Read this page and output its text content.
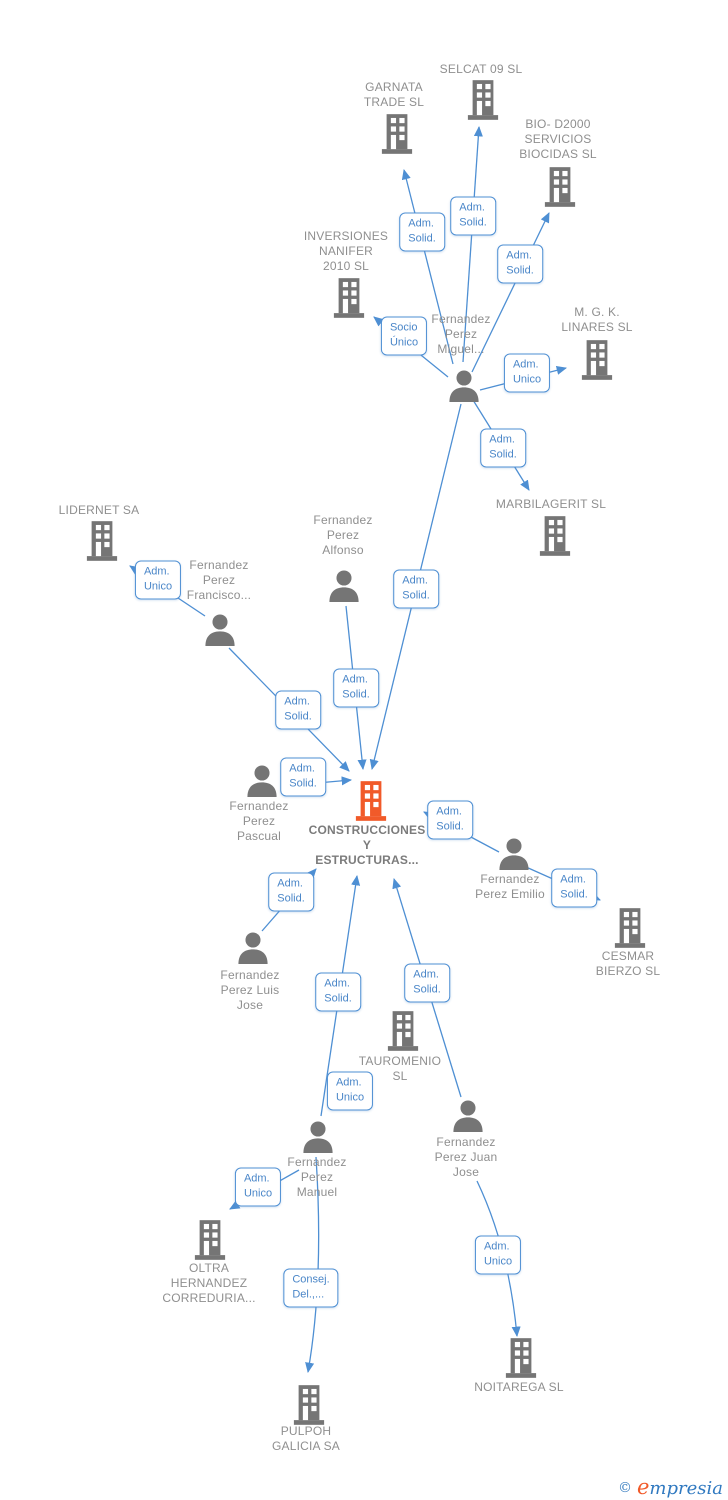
SELCAT 09 SL
GARNATA
TRADE SL
BIO- D2000
SERVICIOS
BIOCIDAS SL
INVERSIONES
NANIFER
2010 SL
M. G. K.
LINARES SL
MARBILAGERIT SL
LIDERNET SA
CONSTRUCCIONES
Y
ESTRUCTURAS...
CESMAR
BIERZO SL
TAUROMENIO
SL
OLTRA
HERNANDEZ
CORREDURIA...
PULPOH
GALICIA SA
NOITAREGA SL
Fernandez
Perez
Miguel...
Fernandez
Perez
Alfonso
Fernandez
Perez
Francisco...
Fernandez
Perez
Pascual
Fernandez
Perez Emilio
Fernandez
Perez Luis
Jose
Fernandez
Perez
Manuel
Fernandez
Perez Juan
Jose
Adm.
Solid.
Adm.
Solid.
Adm.
Solid.
Socio
Único
Adm.
Unico
Adm.
Solid.
Adm.
Solid.
Adm.
Unico
Adm.
Solid.
Adm.
Solid.
Adm.
Solid.
Adm.
Solid.
Adm.
Solid.
Adm.
Solid.
Adm.
Solid.
Adm.
Solid.
Adm.
Unico
Adm.
Unico
Consej.
Del.,...
Adm.
Unico
© empresia
